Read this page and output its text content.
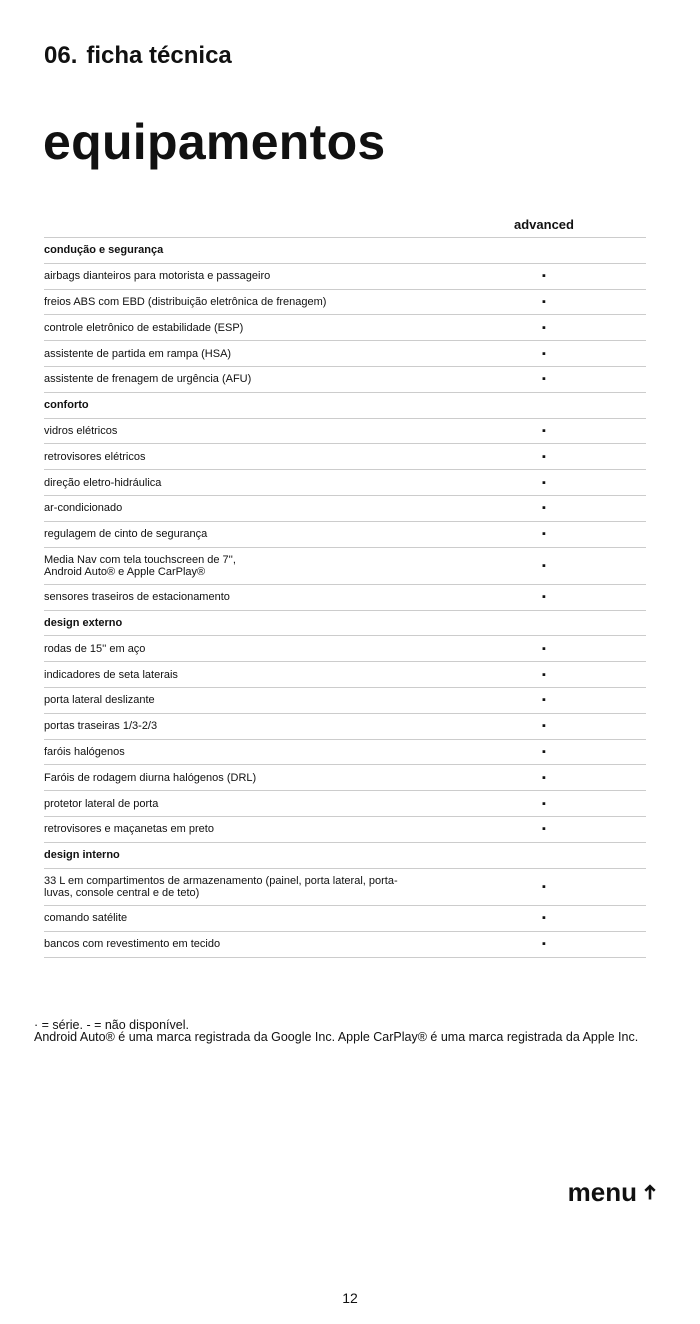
06. ficha técnica
equipamentos
advanced
condução e segurança
airbags dianteiros para motorista e passageiro	▪
freios ABS com EBD (distribuição eletrônica de frenagem)	▪
controle eletrônico de estabilidade (ESP)	▪
assistente de partida em rampa (HSA)	▪
assistente de frenagem de urgência (AFU)	▪
conforto
vidros elétricos	▪
retrovisores elétricos	▪
direção eletro-hidráulica	▪
ar-condicionado	▪
regulagem de cinto de segurança	▪
Media Nav com tela touchscreen de 7'',
Android Auto® e Apple CarPlay®	▪
sensores traseiros de estacionamento	▪
design externo
rodas de 15'' em aço	▪
indicadores de seta laterais	▪
porta lateral deslizante	▪
portas traseiras 1/3-2/3	▪
faróis halógenos	▪
Faróis de rodagem diurna halógenos (DRL)	▪
protetor lateral de porta	▪
retrovisores e maçanetas em preto	▪
design interno
33 L em compartimentos de armazenamento (painel, porta lateral, porta-
luvas, console central e de teto)	▪
comando satélite	▪
bancos com revestimento em tecido	▪
· = série. - = não disponível.
Android Auto® é uma marca registrada da Google Inc. Apple CarPlay® é uma marca registrada da Apple Inc.
menu
12
